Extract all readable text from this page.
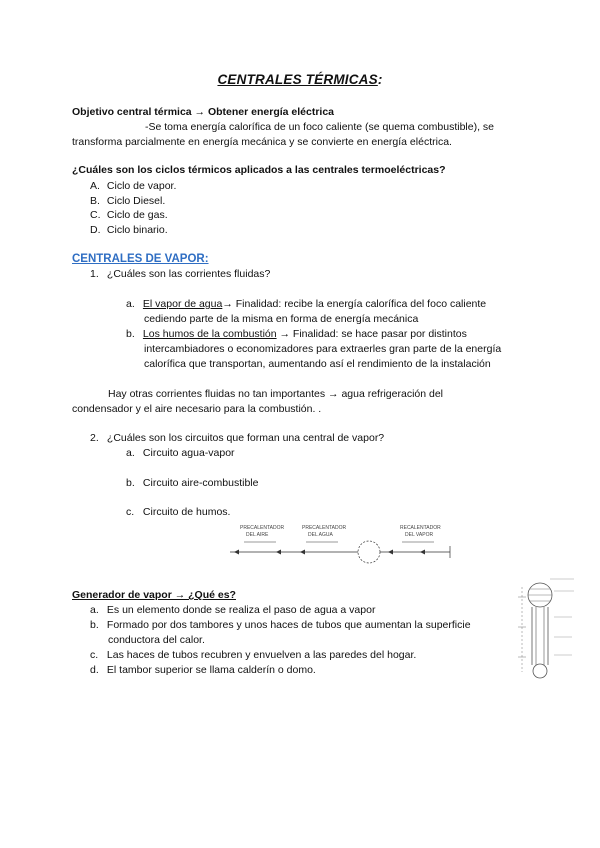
CENTRALES TÉRMICAS:
Objetivo central térmica → Obtener energía eléctrica
-Se toma energía calorífica de un foco caliente (se quema combustible), se
transforma parcialmente en energía mecánica y se convierte en energía eléctrica.
¿Cuáles son los ciclos térmicos aplicados a las centrales termoeléctricas?
A. Ciclo de vapor.
B. Ciclo Diesel.
C. Ciclo de gas.
D. Ciclo binario.
CENTRALES DE VAPOR:
1. ¿Cuáles son las corrientes fluidas?
a. El vapor de agua→ Finalidad: recibe la energía calorífica del foco caliente
cediendo parte de la misma en forma de energía mecánica
b. Los humos de la combustión → Finalidad: se hace pasar por distintos
intercambiadores o economizadores para extraerles gran parte de la energía
calorífica que transportan, aumentando así el rendimiento de la instalación
Hay otras corrientes fluidas no tan importantes → agua refrigeración del
condensador y el aire necesario para la combustión. .
2. ¿Cuáles son los circuitos que forman una central de vapor?
a. Circuito agua-vapor
b. Circuito aire-combustible
c. Circuito de humos.
PRECALENTADOR
DEL AIRE
PRECALENTADOR
DEL AGUA
RECALENTADOR
DEL VAPOR
Generador de vapor → ¿Qué es?
a. Es un elemento donde se realiza el paso de agua a vapor
b. Formado por dos tambores y unos haces de tubos que aumentan la superficie
conductora del calor.
c. Las haces de tubos recubren y envuelven a las paredes del hogar.
d. El tambor superior se llama calderín o domo.
